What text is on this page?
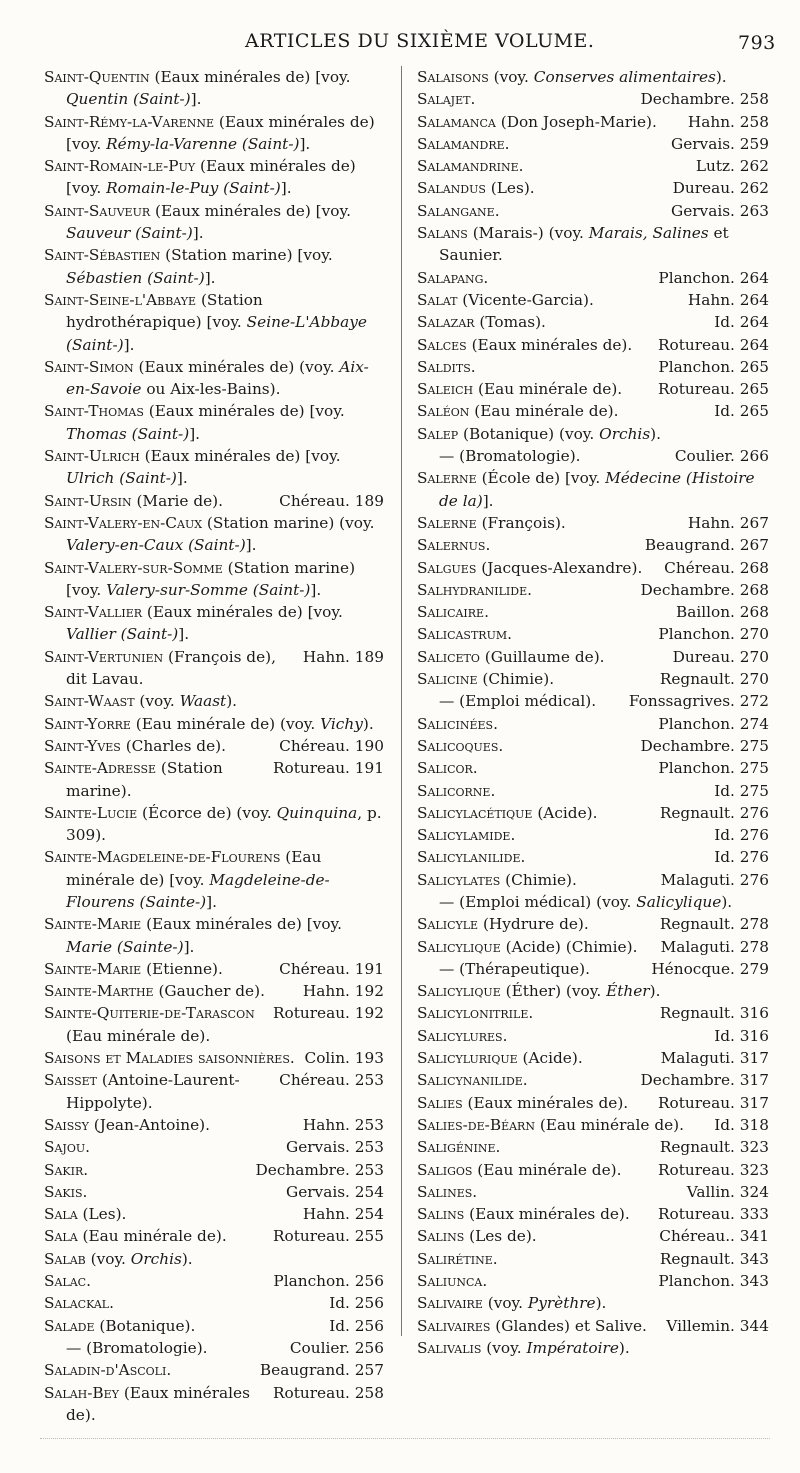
ARTICLES DU SIXIÈME VOLUME.	793
Saint-Quentin (Eaux minérales de) [voy. Quentin (Saint-)].
Saint-Rémy-la-Varenne (Eaux minérales de) [voy. Rémy-la-Varenne (Saint-)].
Saint-Romain-le-Puy (Eaux minérales de) [voy. Romain-le-Puy (Saint-)].
Saint-Sauveur (Eaux minérales de) [voy. Sauveur (Saint-)].
Saint-Sébastien (Station marine) [voy. Sébastien (Saint-)].
Saint-Seine-l'Abbaye (Station hydrothérapique) [voy. Seine-L'Abbaye (Saint-)].
Saint-Simon (Eaux minérales de) (voy. Aix-en-Savoie ou Aix-les-Bains).
Saint-Thomas (Eaux minérales de) [voy. Thomas (Saint-)].
Saint-Ulrich (Eaux minérales de) [voy. Ulrich (Saint-)].
Chéreau. 189
Saint-Ursin (Marie de).
Saint-Valery-en-Caux (Station marine) (voy. Valery-en-Caux (Saint-)].
Saint-Valery-sur-Somme (Station marine) [voy. Valery-sur-Somme (Saint-)].
Saint-Vallier (Eaux minérales de) [voy. Vallier (Saint-)].
Hahn. 189
Saint-Vertunien (François de), dit Lavau.
Saint-Waast (voy. Waast).
Saint-Yorre (Eau minérale de) (voy. Vichy).
Chéreau. 190
Saint-Yves (Charles de).
Rotureau. 191
Sainte-Adresse (Station marine).
Sainte-Lucie (Écorce de) (voy. Quinquina, p. 309).
Sainte-Magdeleine-de-Flourens (Eau minérale de) [voy. Magdeleine-de-Flourens (Sainte-)].
Sainte-Marie (Eaux minérales de) [voy. Marie (Sainte-)].
Chéreau. 191
Sainte-Marie (Etienne).
Hahn. 192
Sainte-Marthe (Gaucher de).
Rotureau. 192
Sainte-Quiterie-de-Tarascon (Eau minérale de).
Colin. 193
Saisons et Maladies saisonnières.
Chéreau. 253
Saisset (Antoine-Laurent-Hippolyte).
Hahn. 253
Saissy (Jean-Antoine).
Gervais. 253
Sajou.
Dechambre. 253
Sakir.
Gervais. 254
Sakis.
Hahn. 254
Sala (Les).
Rotureau. 255
Sala (Eau minérale de).
Salab (voy. Orchis).
Planchon. 256
Salac.
Id. 256
Salackal.
Id. 256
Salade (Botanique).
Coulier. 256
— (Bromatologie).
Beaugrand. 257
Saladin-d'Ascoli.
Rotureau. 258
Salah-Bey (Eaux minérales de).
Salaisons (voy. Conserves alimentaires).
Dechambre. 258
Salajet.
Hahn. 258
Salamanca (Don Joseph-Marie).
Gervais. 259
Salamandre.
Lutz. 262
Salamandrine.
Dureau. 262
Salandus (Les).
Gervais. 263
Salangane.
Salans (Marais-) (voy. Marais, Salines et Saunier.
Planchon. 264
Salapang.
Hahn. 264
Salat (Vicente-Garcia).
Id. 264
Salazar (Tomas).
Rotureau. 264
Salces (Eaux minérales de).
Planchon. 265
Saldits.
Rotureau. 265
Saleich (Eau minérale de).
Id. 265
Saléon (Eau minérale de).
Salep (Botanique) (voy. Orchis).
Coulier. 266
— (Bromatologie).
Salerne (École de) [voy. Médecine (Histoire de la)].
Hahn. 267
Salerne (François).
Beaugrand. 267
Salernus.
Chéreau. 268
Salgues (Jacques-Alexandre).
Dechambre. 268
Salhydranilide.
Baillon. 268
Salicaire.
Planchon. 270
Salicastrum.
Dureau. 270
Saliceto (Guillaume de).
Regnault. 270
Salicine (Chimie).
Fonssagrives. 272
— (Emploi médical).
Planchon. 274
Salicinées.
Dechambre. 275
Salicoques.
Planchon. 275
Salicor.
Id. 275
Salicorne.
Regnault. 276
Salicylacétique (Acide).
Id. 276
Salicylamide.
Id. 276
Salicylanilide.
Malaguti. 276
Salicylates (Chimie).
— (Emploi médical) (voy. Salicylique).
Regnault. 278
Salicyle (Hydrure de).
Malaguti. 278
Salicylique (Acide) (Chimie).
Hénocque. 279
— (Thérapeutique).
Salicylique (Éther) (voy. Éther).
Regnault. 316
Salicylonitrile.
Id. 316
Salicylures.
Malaguti. 317
Salicylurique (Acide).
Dechambre. 317
Salicynanilide.
Rotureau. 317
Salies (Eaux minérales de).
Id. 318
Salies-de-Béarn (Eau minérale de).
Regnault. 323
Saligénine.
Rotureau. 323
Saligos (Eau minérale de).
Vallin. 324
Salines.
Rotureau. 333
Salins (Eaux minérales de).
Chéreau.. 341
Salins (Les de).
Regnault. 343
Salirétine.
Planchon. 343
Saliunca.
Salivaire (voy. Pyrèthre).
Villemin. 344
Salivaires (Glandes) et Salive.
Salivalis (voy. Impératoire).
